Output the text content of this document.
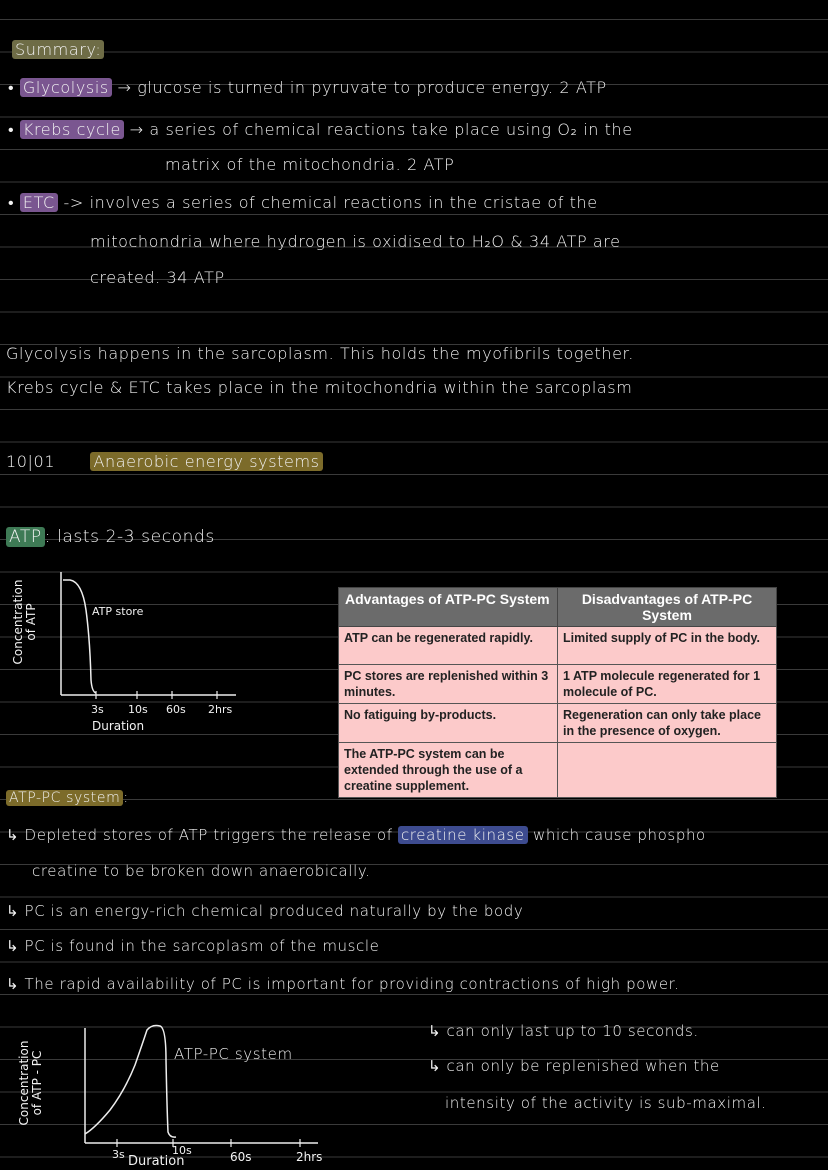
Summary:
• Glycolysis → glucose is turned in pyruvate to produce energy. 2 ATP
• Krebs cycle → a series of chemical reactions take place using O₂ in the
matrix of the mitochondria. 2 ATP
• ETC -> involves a series of chemical reactions in the cristae of the
mitochondria where hydrogen is oxidised to H₂O & 34 ATP are
created. 34 ATP
Glycolysis happens in the sarcoplasm. This holds the myofibrils together.
Krebs cycle & ETC takes place in the mitochondria within the sarcoplasm
10|01 Anaerobic energy systems
ATP : lasts 2-3 seconds
Concentration of ATP	ATP store
3s 10s 60s 2hrs
Duration
Advantages of ATP-PC System	Disadvantages of ATP-PC System
ATP can be regenerated rapidly.	Limited supply of PC in the body.
PC stores are replenished within 3 minutes.	1 ATP molecule regenerated for 1 molecule of PC.
No fatiguing by-products.	Regeneration can only take place in the presence of oxygen.
The ATP-PC system can be extended through the use of a creatine supplement.	
ATP-PC system :
↳ Depleted stores of ATP triggers the release of creatine kinase which cause phospho
creatine to be broken down anaerobically.
↳ PC is an energy-rich chemical produced naturally by the body
↳ PC is found in the sarcoplasm of the muscle
↳ The rapid availability of PC is important for providing contractions of high power.
Concentration of ATP - PC	ATP-PC system
3s	10s	60s	2hrs
Duration
↳ can only last up to 10 seconds.
↳ can only be replenished when the
intensity of the activity is sub-maximal.
